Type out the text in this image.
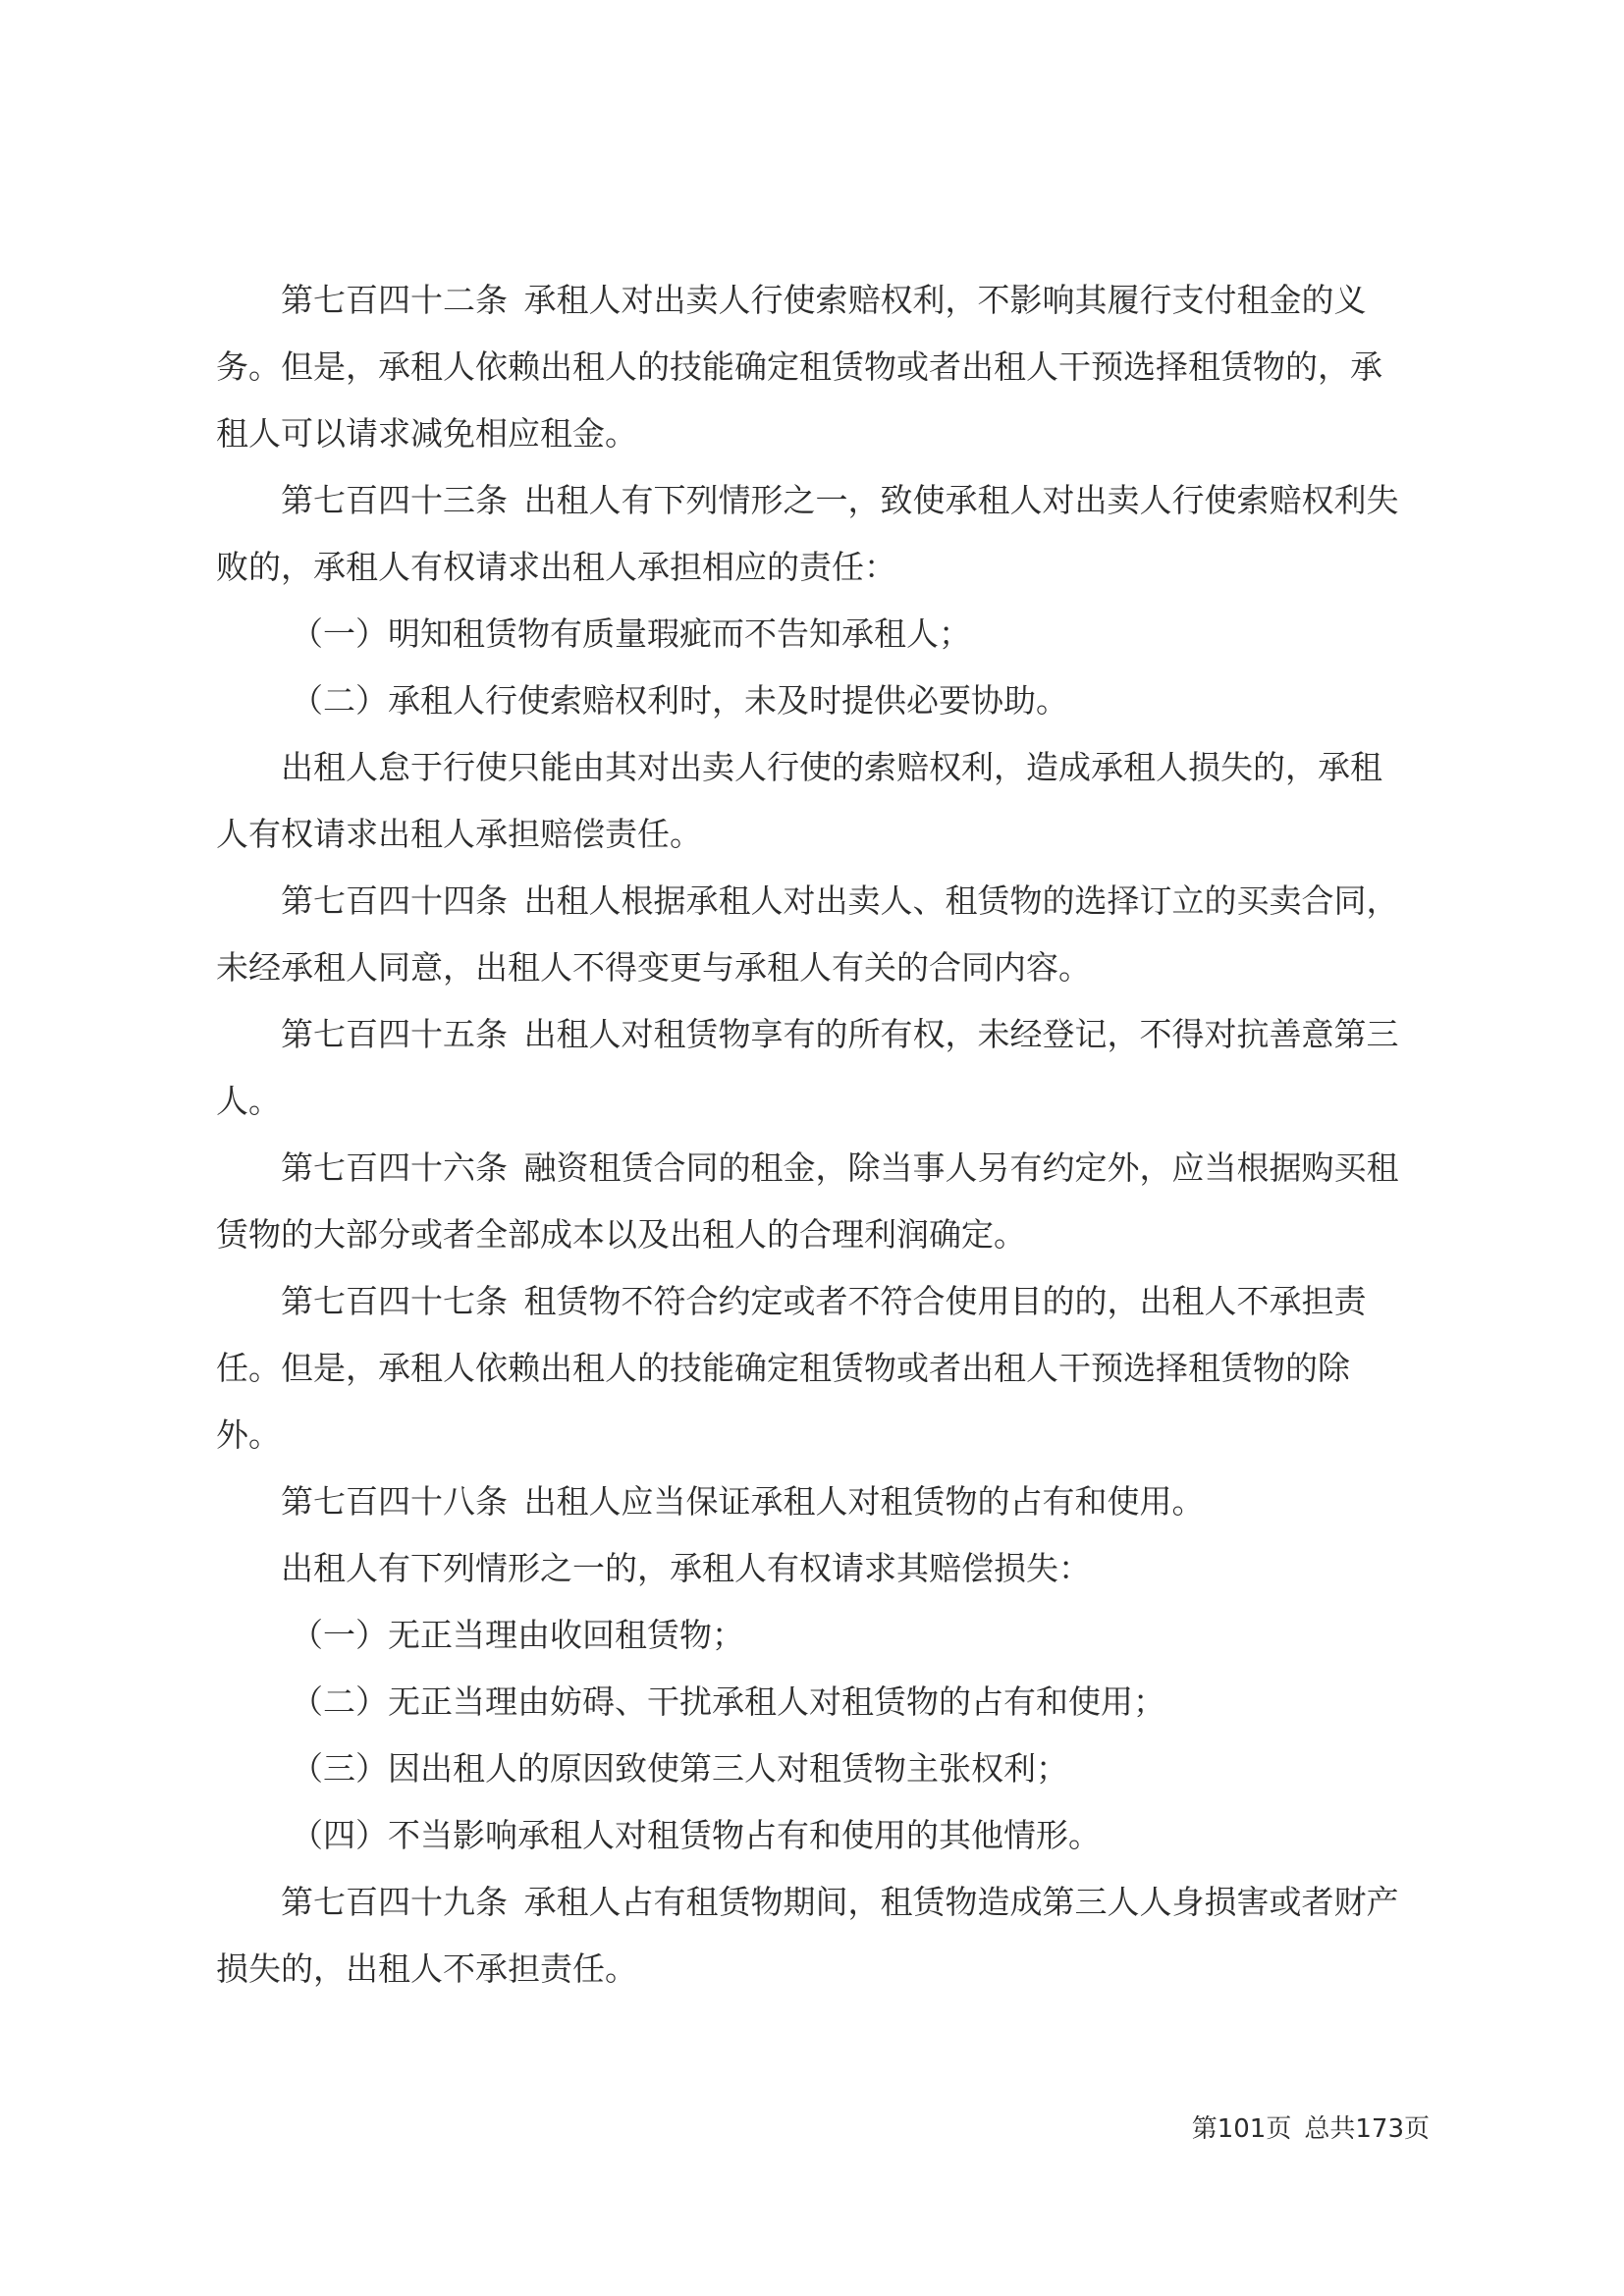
第七百四十二条 承租人对出卖人行使索赔权利，不影响其履行支付租金的义务。但是，承租人依赖出租人的技能确定租赁物或者出租人干预选择租赁物的，承租人可以请求减免相应租金。

第七百四十三条 出租人有下列情形之一，致使承租人对出卖人行使索赔权利失败的，承租人有权请求出租人承担相应的责任：

（一）明知租赁物有质量瑕疵而不告知承租人；

（二）承租人行使索赔权利时，未及时提供必要协助。

出租人怠于行使只能由其对出卖人行使的索赔权利，造成承租人损失的，承租人有权请求出租人承担赔偿责任。

第七百四十四条 出租人根据承租人对出卖人、租赁物的选择订立的买卖合同，未经承租人同意，出租人不得变更与承租人有关的合同内容。

第七百四十五条 出租人对租赁物享有的所有权，未经登记，不得对抗善意第三人。

第七百四十六条 融资租赁合同的租金，除当事人另有约定外，应当根据购买租赁物的大部分或者全部成本以及出租人的合理利润确定。

第七百四十七条 租赁物不符合约定或者不符合使用目的的，出租人不承担责任。但是，承租人依赖出租人的技能确定租赁物或者出租人干预选择租赁物的除外。

第七百四十八条 出租人应当保证承租人对租赁物的占有和使用。

出租人有下列情形之一的，承租人有权请求其赔偿损失：

（一）无正当理由收回租赁物；

（二）无正当理由妨碍、干扰承租人对租赁物的占有和使用；

（三）因出租人的原因致使第三人对租赁物主张权利；

（四）不当影响承租人对租赁物占有和使用的其他情形。

第七百四十九条 承租人占有租赁物期间，租赁物造成第三人人身损害或者财产损失的，出租人不承担责任。

第101页 总共173页
